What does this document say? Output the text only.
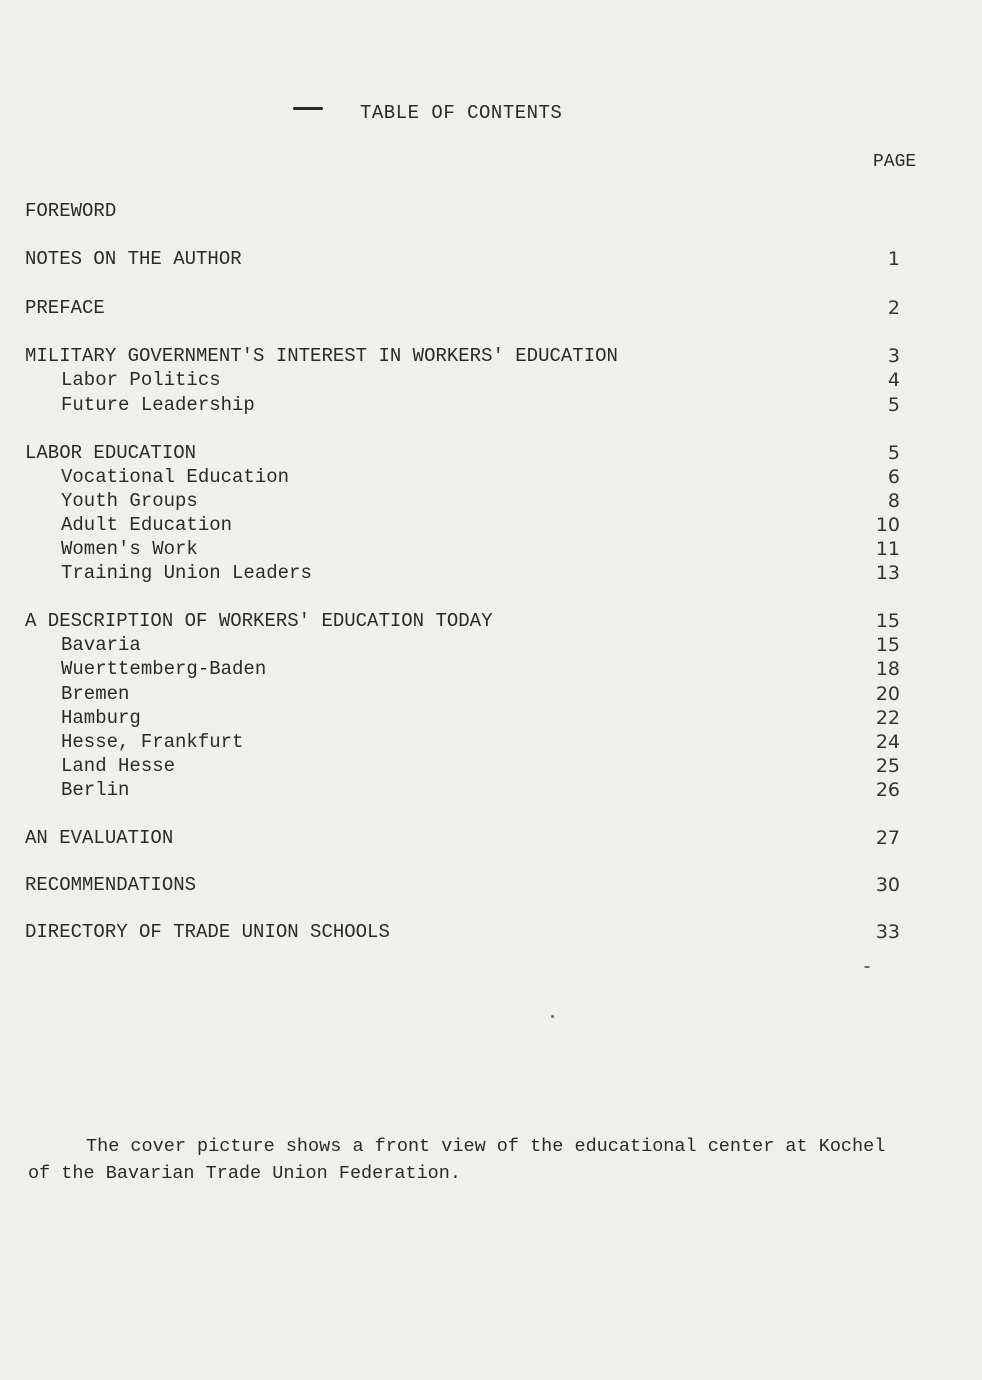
TABLE OF CONTENTS
PAGE
FOREWORD
NOTES ON THE AUTHOR	1
PREFACE	2
MILITARY GOVERNMENT'S INTEREST IN WORKERS' EDUCATION	3
Labor Politics	4
Future Leadership	5
LABOR EDUCATION	5
Vocational Education	6
Youth Groups	8
Adult Education	10
Women's Work	11
Training Union Leaders	13
A DESCRIPTION OF WORKERS' EDUCATION TODAY	15
Bavaria	15
Wuerttemberg-Baden	18
Bremen	20
Hamburg	22
Hesse, Frankfurt	24
Land Hesse	25
Berlin	26
AN EVALUATION	27
RECOMMENDATIONS	30
DIRECTORY OF TRADE UNION SCHOOLS	33
The cover picture shows a front view of the educational center at Kochel
of the Bavarian Trade Union Federation.
